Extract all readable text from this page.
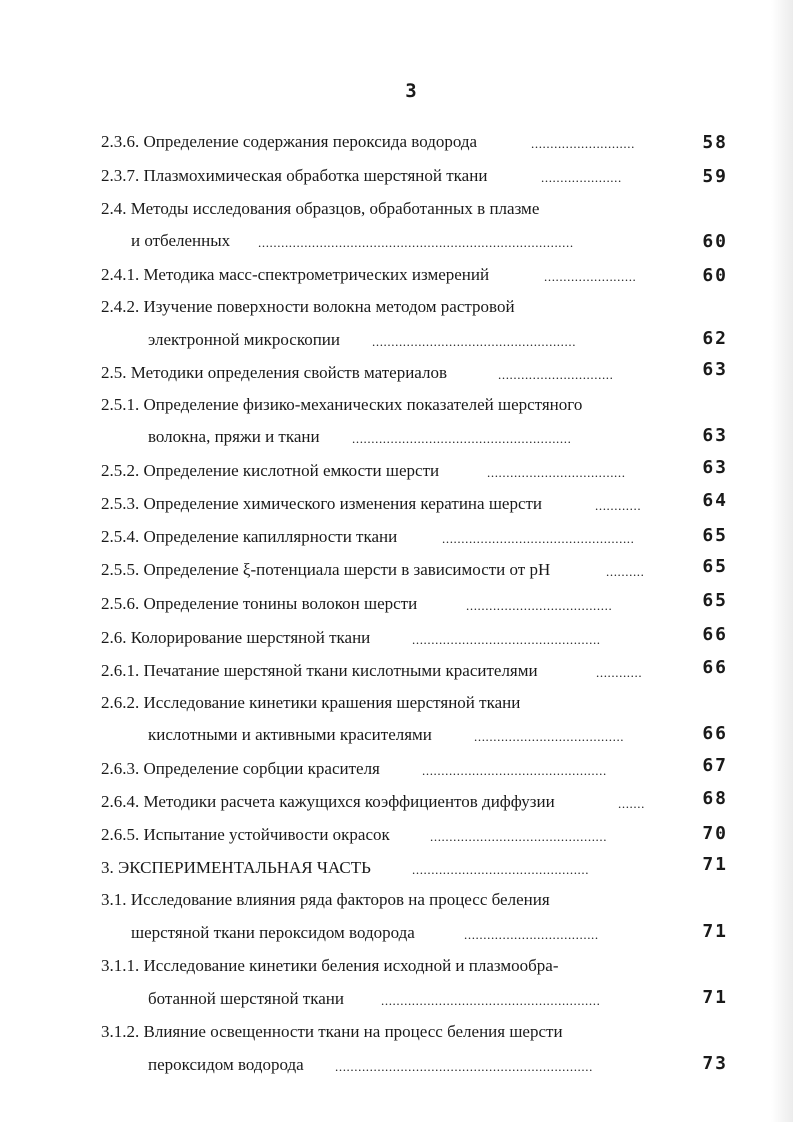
3
2.3.6. Определение содержания пероксида водорода	...........................	58
2.3.7. Плазмохимическая обработка шерстяной ткани	.....................	59
2.4. Методы исследования образцов, обработанных в плазме
и отбеленных ..................................................................................	60
2.4.1. Методика масс-спектрометрических измерений	........................	60
2.4.2. Изучение поверхности волокна методом растровой
электронной микроскопии .....................................................	62
2.5. Методики определения свойств материалов	..............................	63
2.5.1. Определение физико-механических показателей шерстяного
волокна, пряжи и ткани .........................................................	63
2.5.2. Определение кислотной емкости шерсти	....................................	63
2.5.3. Определение химического изменения кератина шерсти	............	64
2.5.4. Определение капиллярности ткани	..................................................	65
2.5.5. Определение ξ-потенциала шерсти в зависимости от pH	..........	65
2.5.6. Определение тонины волокон шерсти	......................................	65
2.6. Колорирование шерстяной ткани	.................................................	66
2.6.1. Печатание шерстяной ткани кислотными красителями	............	66
2.6.2. Исследование кинетики крашения шерстяной ткани
кислотными и активными красителями	.......................................	66
2.6.3. Определение сорбции красителя	................................................	67
2.6.4. Методики расчета кажущихся коэффициентов диффузии	.......	68
2.6.5. Испытание устойчивости окрасок	..............................................	70
3. ЭКСПЕРИМЕНТАЛЬНАЯ ЧАСТЬ	..............................................	71
3.1. Исследование влияния ряда факторов на процесс беления
шерстяной ткани пероксидом водорода	...................................	71
3.1.1. Исследование кинетики беления исходной и плазмообра-
ботанной шерстяной ткани	.........................................................	71
3.1.2. Влияние освещенности ткани на процесс беления шерсти
пероксидом водорода ...................................................................	73
